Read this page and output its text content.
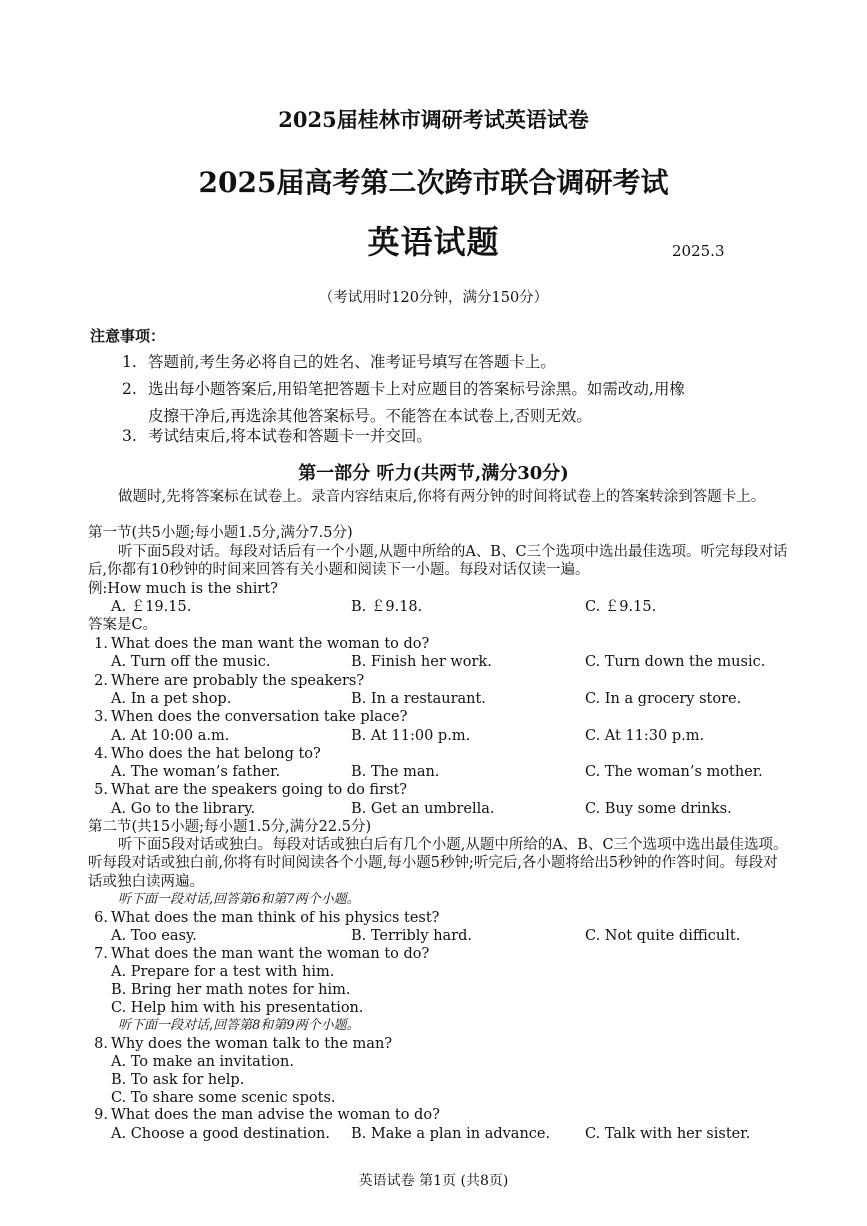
2025届桂林市调研考试英语试卷
2025届高考第二次跨市联合调研考试
英语试题	2025.3
（考试用时120分钟，满分150分）
注意事项：
1. 答题前,考生务必将自己的姓名、准考证号填写在答题卡上。
2. 选出每小题答案后,用铅笔把答题卡上对应题目的答案标号涂黑。如需改动,用橡
皮擦干净后,再选涂其他答案标号。不能答在本试卷上,否则无效。
3. 考试结束后,将本试卷和答题卡一并交回。
第一部分 听力(共两节,满分30分)
做题时,先将答案标在试卷上。录音内容结束后,你将有两分钟的时间将试卷上的答案转涂到答题卡上。
第一节(共5小题;每小题1.5分,满分7.5分)
听下面5段对话。每段对话后有一个小题,从题中所给的A、B、C三个选项中选出最佳选项。听完每段对话后,你都有10秒钟的时间来回答有关小题和阅读下一小题。每段对话仅读一遍。
例:How much is the shirt?
A. ￡19.15.	B. ￡9.18.	C. ￡9.15.
答案是C。
1. What does the man want the woman to do?
A. Turn off the music.	B. Finish her work.	C. Turn down the music.
2. Where are probably the speakers?
A. In a pet shop.	B. In a restaurant.	C. In a grocery store.
3. When does the conversation take place?
A. At 10:00 a.m.	B. At 11:00 p.m.	C. At 11:30 p.m.
4. Who does the hat belong to?
A. The woman’s father.	B. The man.	C. The woman’s mother.
5. What are the speakers going to do first?
A. Go to the library.	B. Get an umbrella.	C. Buy some drinks.
第二节(共15小题;每小题1.5分,满分22.5分)
听下面5段对话或独白。每段对话或独白后有几个小题,从题中所给的A、B、C三个选项中选出最佳选项。听每段对话或独白前,你将有时间阅读各个小题,每小题5秒钟;听完后,各小题将给出5秒钟的作答时间。每段对话或独白读两遍。
听下面一段对话,回答第6和第7两个小题。
6. What does the man think of his physics test?
A. Too easy.	B. Terribly hard.	C. Not quite difficult.
7. What does the man want the woman to do?
A. Prepare for a test with him.
B. Bring her math notes for him.
C. Help him with his presentation.
听下面一段对话,回答第8和第9两个小题。
8. Why does the woman talk to the man?
A. To make an invitation.
B. To ask for help.
C. To share some scenic spots.
9. What does the man advise the woman to do?
A. Choose a good destination. B. Make a plan in advance. C. Talk with her sister.
英语试卷 第1页 (共8页)
